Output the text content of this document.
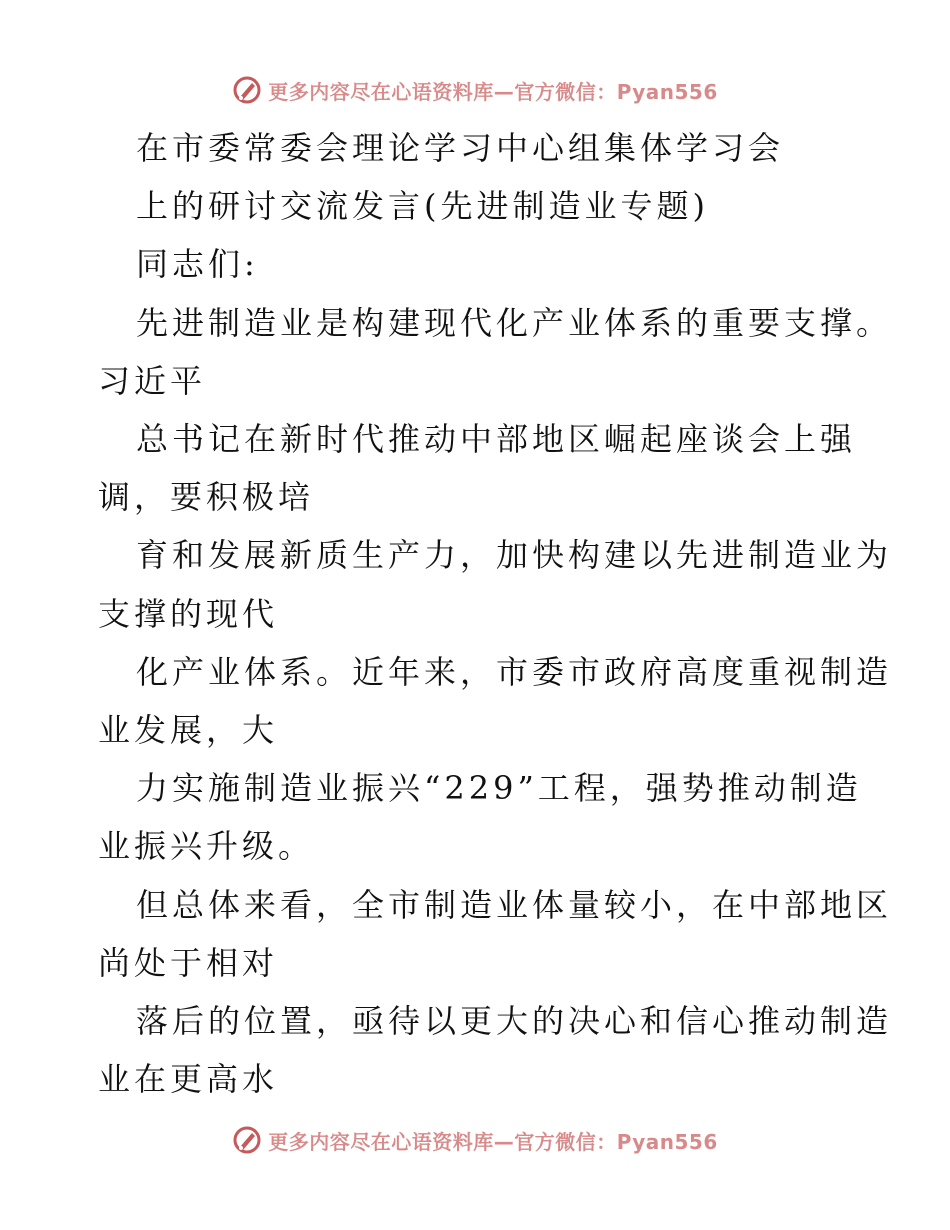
更多内容尽在心语资料库—官方微信：Pyan556
在市委常委会理论学习中心组集体学习会
上的研讨交流发言(先进制造业专题)
同志们:
先进制造业是构建现代化产业体系的重要支撑。
习近平
总书记在新时代推动中部地区崛起座谈会上强
调，要积极培
育和发展新质生产力，加快构建以先进制造业为
支撑的现代
化产业体系。近年来，市委市政府高度重视制造
业发展，大
力实施制造业振兴“229”工程，强势推动制造
业振兴升级。
但总体来看，全市制造业体量较小，在中部地区
尚处于相对
落后的位置，亟待以更大的决心和信心推动制造
业在更高水
更多内容尽在心语资料库—官方微信：Pyan556
